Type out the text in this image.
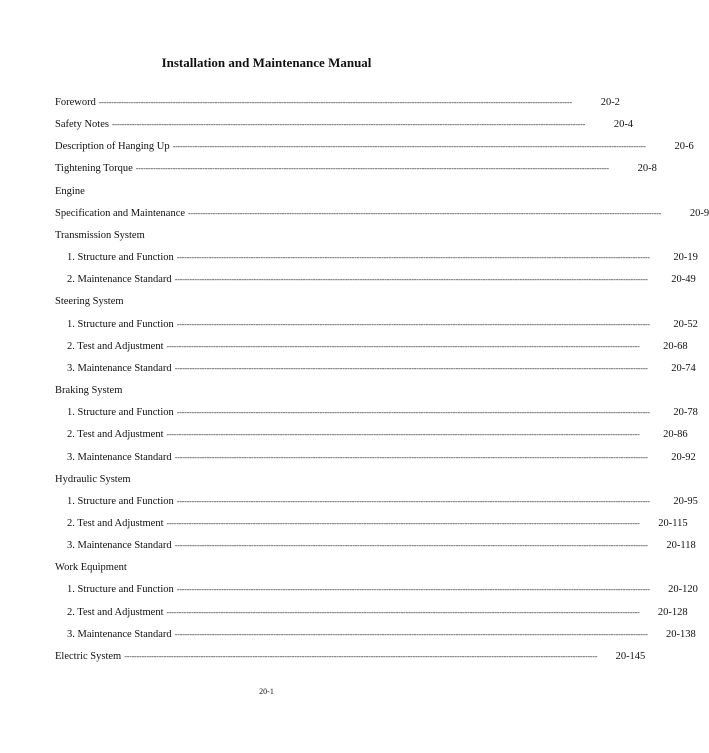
Installation and Maintenance Manual
Foreword ------------------------------------------------------------------------------------------------------------------------------------------------------------------------------------------------	20-2
Safety Notes ------------------------------------------------------------------------------------------------------------------------------------------------------------------------------------------------	20-4
Description of Hanging Up ------------------------------------------------------------------------------------------------------------------------------------------------------------------------------------------------	20-6
Tightening Torque ------------------------------------------------------------------------------------------------------------------------------------------------------------------------------------------------	20-8
Engine
Specification and Maintenance ------------------------------------------------------------------------------------------------------------------------------------------------------------------------------------------------	20-9
Transmission System
1. Structure and Function ------------------------------------------------------------------------------------------------------------------------------------------------------------------------------------------------	20-19
2. Maintenance Standard ------------------------------------------------------------------------------------------------------------------------------------------------------------------------------------------------	20-49
Steering System
1. Structure and Function ------------------------------------------------------------------------------------------------------------------------------------------------------------------------------------------------	20-52
2. Test and Adjustment ------------------------------------------------------------------------------------------------------------------------------------------------------------------------------------------------	20-68
3. Maintenance Standard ------------------------------------------------------------------------------------------------------------------------------------------------------------------------------------------------	20-74
Braking System
1. Structure and Function ------------------------------------------------------------------------------------------------------------------------------------------------------------------------------------------------	20-78
2. Test and Adjustment ------------------------------------------------------------------------------------------------------------------------------------------------------------------------------------------------	20-86
3. Maintenance Standard ------------------------------------------------------------------------------------------------------------------------------------------------------------------------------------------------	20-92
Hydraulic System
1. Structure and Function ------------------------------------------------------------------------------------------------------------------------------------------------------------------------------------------------	20-95
2. Test and Adjustment ------------------------------------------------------------------------------------------------------------------------------------------------------------------------------------------------	20-115
3. Maintenance Standard ------------------------------------------------------------------------------------------------------------------------------------------------------------------------------------------------	20-118
Work Equipment
1. Structure and Function ------------------------------------------------------------------------------------------------------------------------------------------------------------------------------------------------	20-120
2. Test and Adjustment ------------------------------------------------------------------------------------------------------------------------------------------------------------------------------------------------	20-128
3. Maintenance Standard ------------------------------------------------------------------------------------------------------------------------------------------------------------------------------------------------	20-138
Electric System ------------------------------------------------------------------------------------------------------------------------------------------------------------------------------------------------	20-145
20-1
